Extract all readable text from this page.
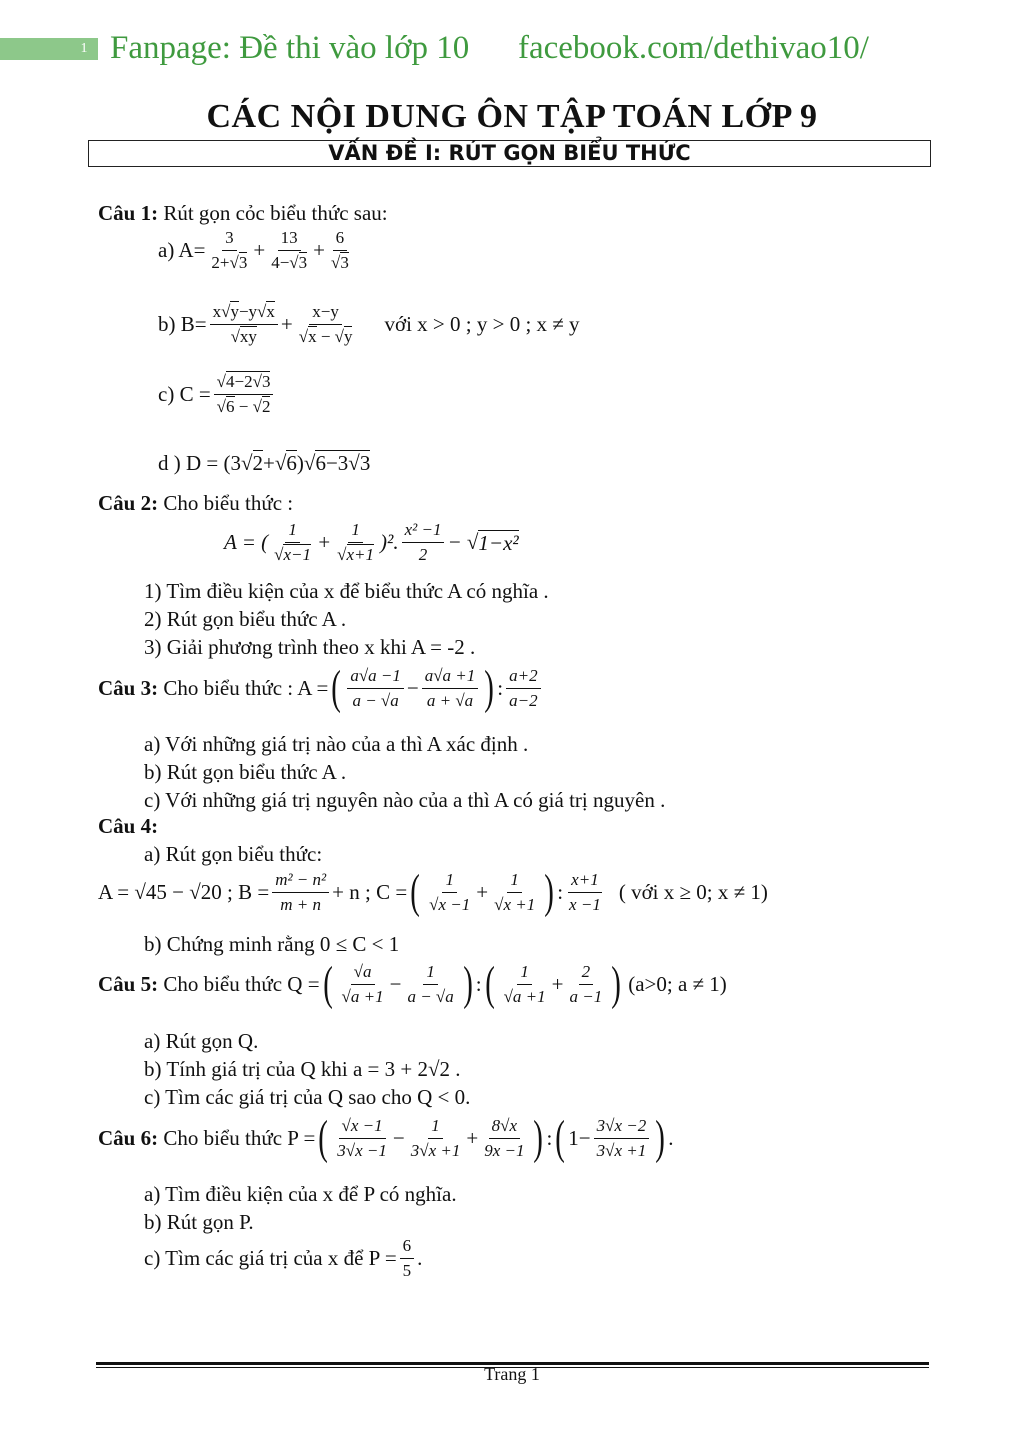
1 Fanpage: Đề thi vào lớp 10 facebook.com/dethivao10/
CÁC NỘI DUNG ÔN TẬP TOÁN LỚP 9
VẤN ĐỀ I: RÚT GỌN BIỂU THỨC
Câu 1: Rút gọn cỏc biểu thức sau:
a) $A= \frac{3}{2+√3} + \frac{13}{4-√3} + \frac{6}{√3}$
b) $B= \frac{x√y-y√x}{√xy} + \frac{x-y}{√x - √y}$ với x > 0 ; y > 0 ; x ≠ y
c) $C = \frac{√4-2√3}{√6 - √2}$
d ) D = (3 √ 2 + √ 6 ) √ 6−3√3
Câu 2: Cho biểu thức :
A = ( $\frac{1}{√x-1} + \frac{1}{√x+1} )^2$. $\frac{\text{x² −1}}{2}$ − √ 1−x²
1) Tìm điều kiện của x để biểu thức A có nghĩa .
2) Rút gọn biểu thức A .
3) Giải phương trình theo x khi A = -2 .
Câu 3:
Cho biểu thức : A = ( $\frac{a√a -1}{a - √a} - \frac{a√a +1}{a + √a}$ ) : $\frac{a+2}{a-2}$
a) Với những giá trị nào của a thì A xác định .
b) Rút gọn biểu thức A .
c) Với những giá trị nguyên nào của a thì A có giá trị nguyên .
Câu 4:
a) Rút gọn biểu thức:
A = √45 − √20 ; $B = \frac{\text{m² − n²}}{m + n} + n$ ; C = ( $\frac{1}{√x -1} + \frac{1}{√x +1}$ ) : $\frac{x+1}{x -1}$ ( với x ≥ 0; x ≠ 1)
b) Chứng minh rằng 0 ≤ C < 1
Câu 5:
Cho biểu thức Q = ( $\frac{√a}{√a +1} - \frac{1}{a - √a}$ ) : ( $\frac{1}{√a +1} + \frac{2}{a -1}$ ) (a>0; a ≠ 1)
a) Rút gọn Q.
b) Tính giá trị của Q khi a = 3 + 2√2 .
c) Tìm các giá trị của Q sao cho Q < 0.
Câu 6:
Cho biểu thức P = ( $\frac{√x -1}{3√x -1} - \frac{1}{3√x +1} + \frac{8√x}{9x -1}$ ) : ( $1- \frac{3√x -2}{3√x +1}$ ) .
a) Tìm điều kiện của x để P có nghĩa.
b) Rút gọn P.
c) Tìm các giá trị của x để $P = \frac{6}{5}$ .
Trang 1
